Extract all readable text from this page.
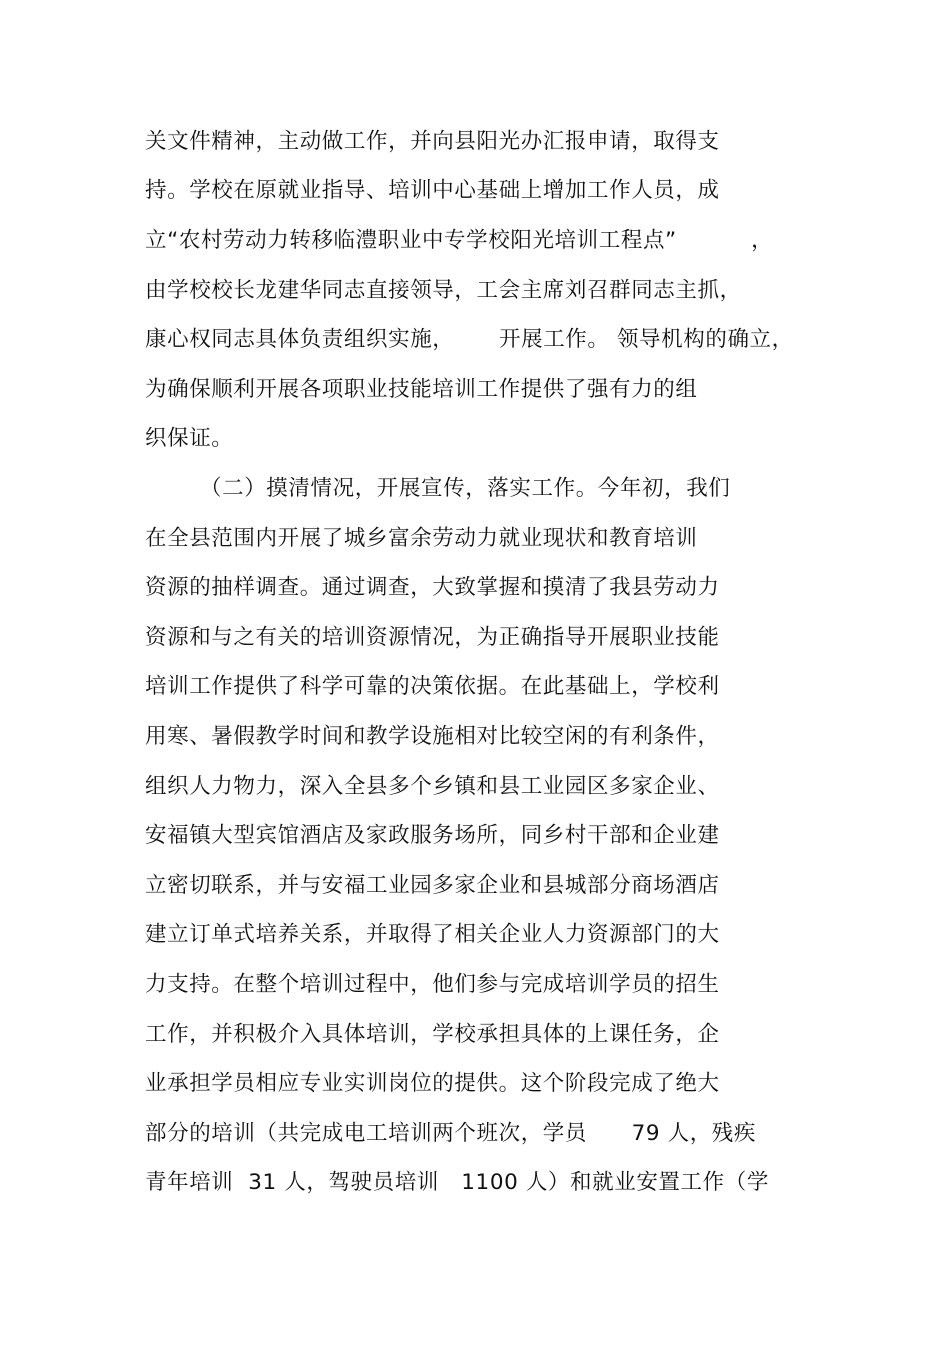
关文件精神，主动做工作，并向县阳光办汇报申请，取得支
持。学校在原就业指导、培训中心基础上增加工作人员，成
立“农村劳动力转移临澧职业中专学校阳光培训工程点”          ，
由学校校长龙建华同志直接领导，工会主席刘召群同志主抓，
康心权同志具体负责组织实施，      开展工作。 领导机构的确立，
为确保顺利开展各项职业技能培训工作提供了强有力的组
织保证。
（二）摸清情况，开展宣传，落实工作。今年初，我们
在全县范围内开展了城乡富余劳动力就业现状和教育培训
资源的抽样调查。通过调查，大致掌握和摸清了我县劳动力
资源和与之有关的培训资源情况，为正确指导开展职业技能
培训工作提供了科学可靠的决策依据。在此基础上，学校利
用寒、暑假教学时间和教学设施相对比较空闲的有利条件，
组织人力物力，深入全县多个乡镇和县工业园区多家企业、
安福镇大型宾馆酒店及家政服务场所，同乡村干部和企业建
立密切联系，并与安福工业园多家企业和县城部分商场酒店
建立订单式培养关系，并取得了相关企业人力资源部门的大
力支持。在整个培训过程中，他们参与完成培训学员的招生
工作，并积极介入具体培训，学校承担具体的上课任务，企
业承担学员相应专业实训岗位的提供。这个阶段完成了绝大
部分的培训（共完成电工培训两个班次，学员      79 人，残疾
青年培训  31 人，驾驶员培训   1100 人）和就业安置工作（学
